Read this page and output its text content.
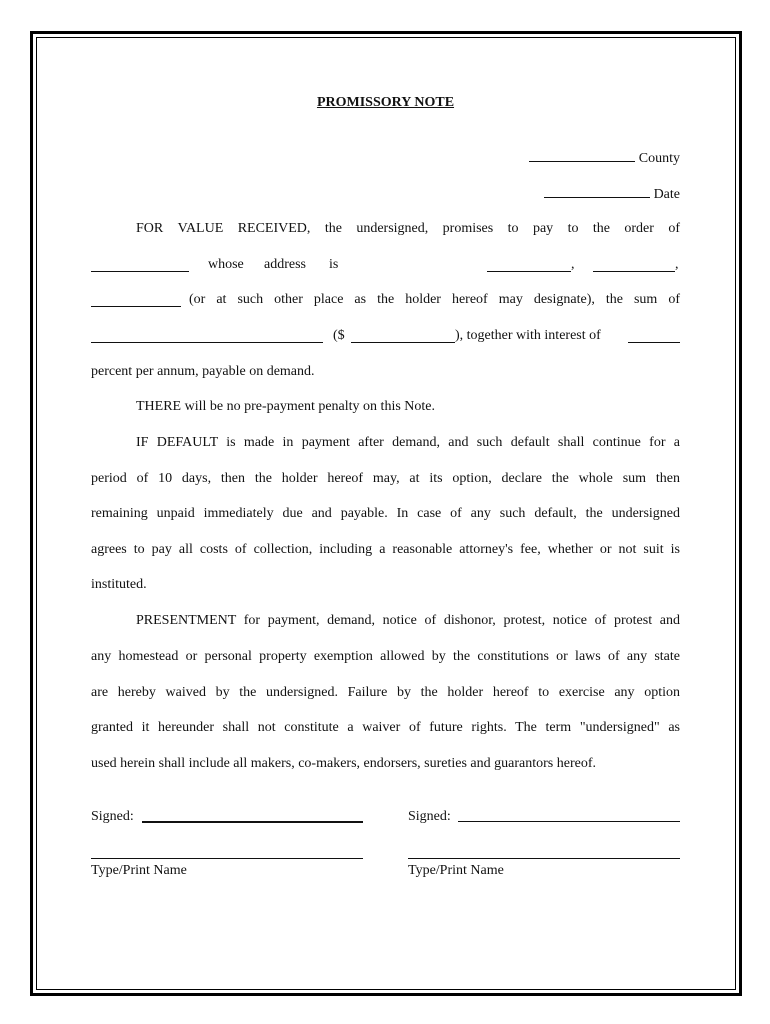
PROMISSORY NOTE
County
Date
FOR VALUE RECEIVED, the undersigned, promises to pay to the order of
whose address is	,	,
(or at such other place as the holder hereof may designate), the sum of
($	), together with interest of
percent per annum, payable on demand.
THERE will be no pre-payment penalty on this Note.
IF DEFAULT is made in payment after demand, and such default shall continue for a
period of 10 days, then the holder hereof may, at its option, declare the whole sum then
remaining unpaid immediately due and payable. In case of any such default, the undersigned
agrees to pay all costs of collection, including a reasonable attorney's fee, whether or not suit is
instituted.
PRESENTMENT for payment, demand, notice of dishonor, protest, notice of protest and
any homestead or personal property exemption allowed by the constitutions or laws of any state
are hereby waived by the undersigned. Failure by the holder hereof to exercise any option
granted it hereunder shall not constitute a waiver of future rights. The term "undersigned" as
used herein shall include all makers, co-makers, endorsers, sureties and guarantors hereof.
Signed:	Signed:
Type/Print Name	Type/Print Name
